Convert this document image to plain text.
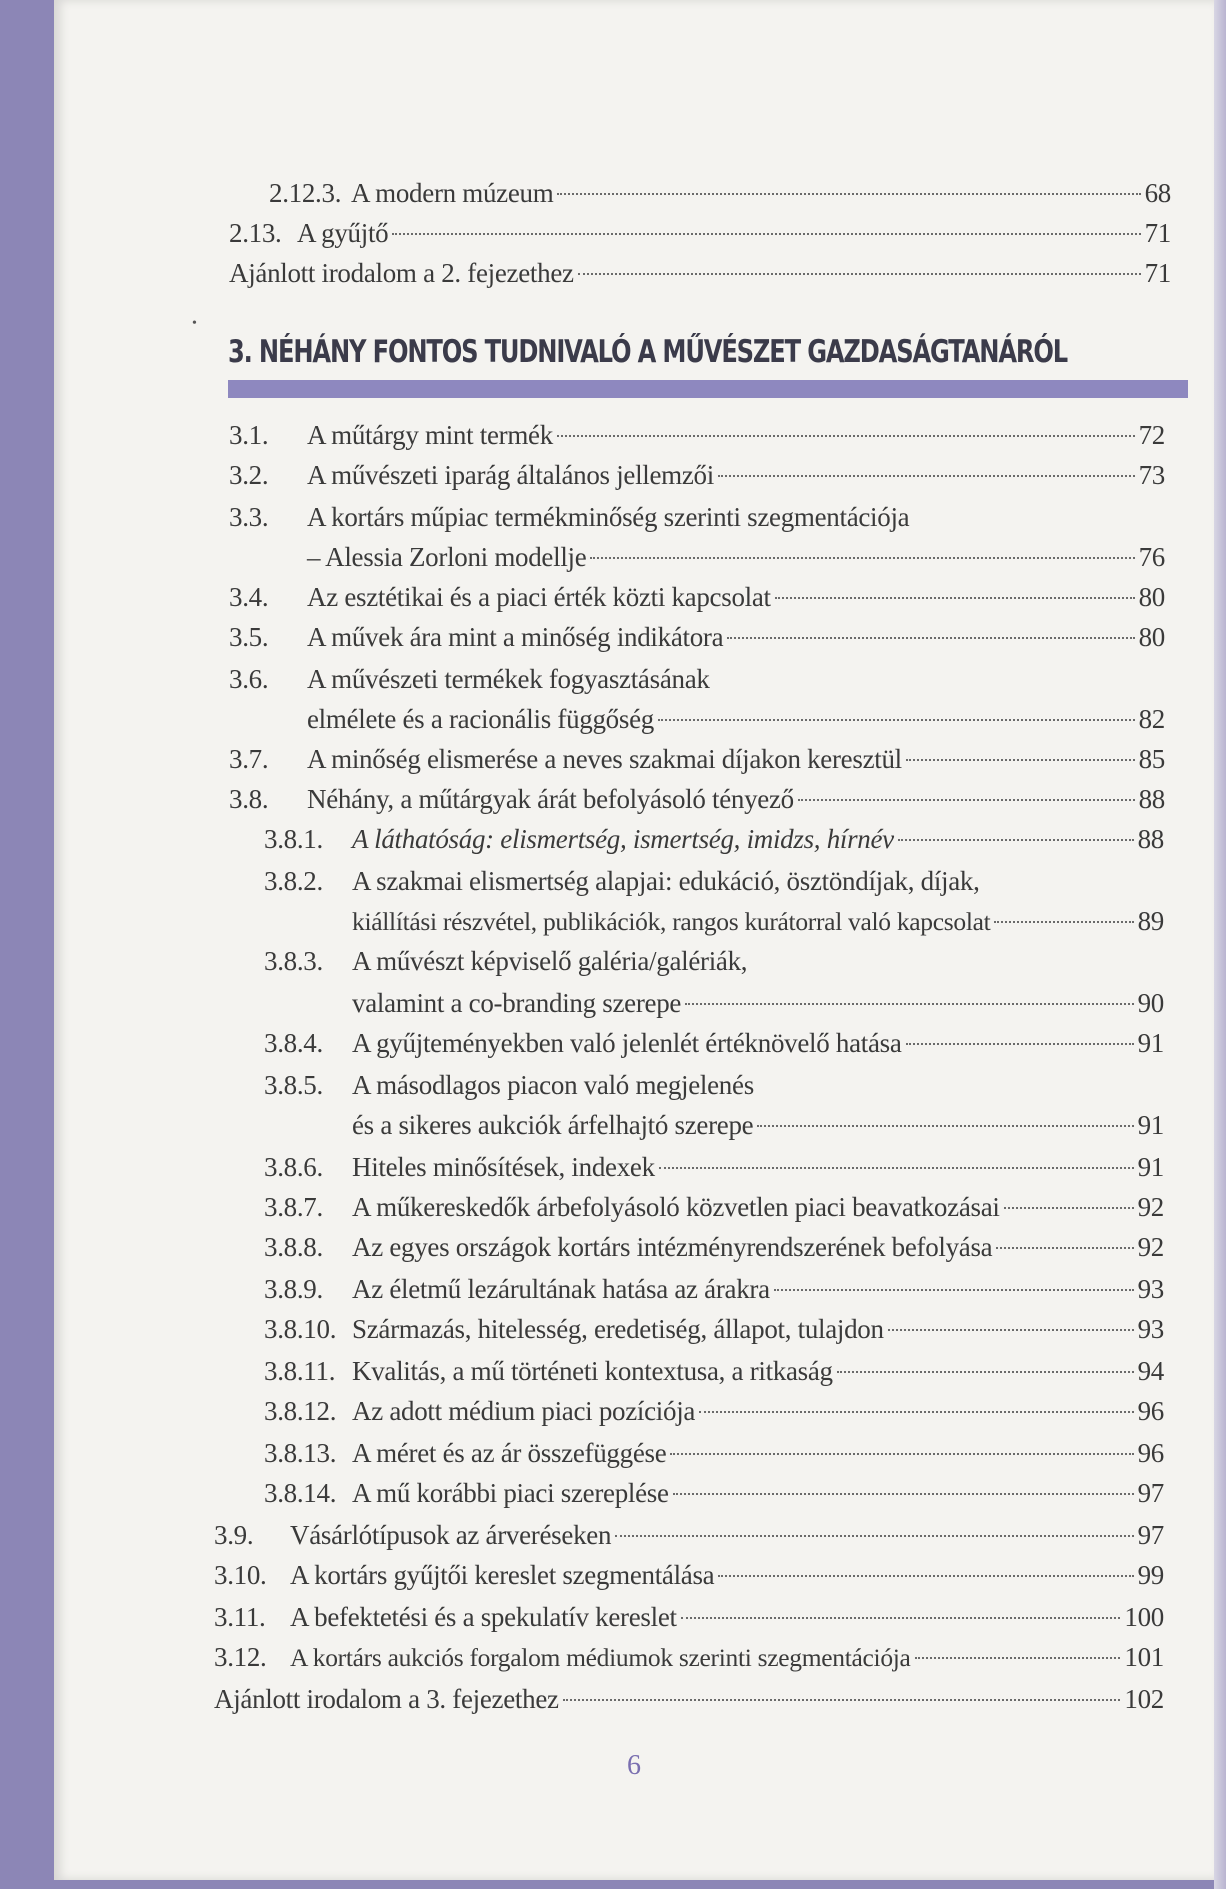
2.12.3. A modern múzeum	68
2.13. A gyűjtő	71
Ajánlott irodalom a 2. fejezethez	71
•
3. NÉHÁNY FONTOS TUDNIVALÓ A MŰVÉSZET GAZDASÁGTANÁRÓL
3.1.	A műtárgy mint termék	72
3.2.	A művészeti iparág általános jellemzői	73
3.3.	A kortárs műpiac termékminőség szerinti szegmentációja
– Alessia Zorloni modellje	76
3.4.	Az esztétikai és a piaci érték közti kapcsolat	80
3.5.	A művek ára mint a minőség indikátora	80
3.6.	A művészeti termékek fogyasztásának
elmélete és a racionális függőség	82
3.7.	A minőség elismerése a neves szakmai díjakon keresztül	85
3.8.	Néhány, a műtárgyak árát befolyásoló tényező	88
3.8.1.	A láthatóság: elismertség, ismertség, imidzs, hírnév	88
3.8.2.	A szakmai elismertség alapjai: edukáció, ösztöndíjak, díjak,
kiállítási részvétel, publikációk, rangos kurátorral való kapcsolat	89
3.8.3.	A művészt képviselő galéria/galériák,
valamint a co-branding szerepe	90
3.8.4.	A gyűjteményekben való jelenlét értéknövelő hatása	91
3.8.5.	A másodlagos piacon való megjelenés
és a sikeres aukciók árfelhajtó szerepe	91
3.8.6.	Hiteles minősítések, indexek	91
3.8.7.	A műkereskedők árbefolyásoló közvetlen piaci beavatkozásai	92
3.8.8.	Az egyes országok kortárs intézményrendszerének befolyása	92
3.8.9.	Az életmű lezárultának hatása az árakra	93
3.8.10. Származás, hitelesség, eredetiség, állapot, tulajdon	93
3.8.11. Kvalitás, a mű történeti kontextusa, a ritkaság	94
3.8.12. Az adott médium piaci pozíciója	96
3.8.13. A méret és az ár összefüggése	96
3.8.14. A mű korábbi piaci szereplése	97
3.9.	Vásárlótípusok az árveréseken	97
3.10. A kortárs gyűjtői kereslet szegmentálása	99
3.11. A befektetési és a spekulatív kereslet	100
3.12. A kortárs aukciós forgalom médiumok szerinti szegmentációja	101
Ajánlott irodalom a 3. fejezethez	102
6
